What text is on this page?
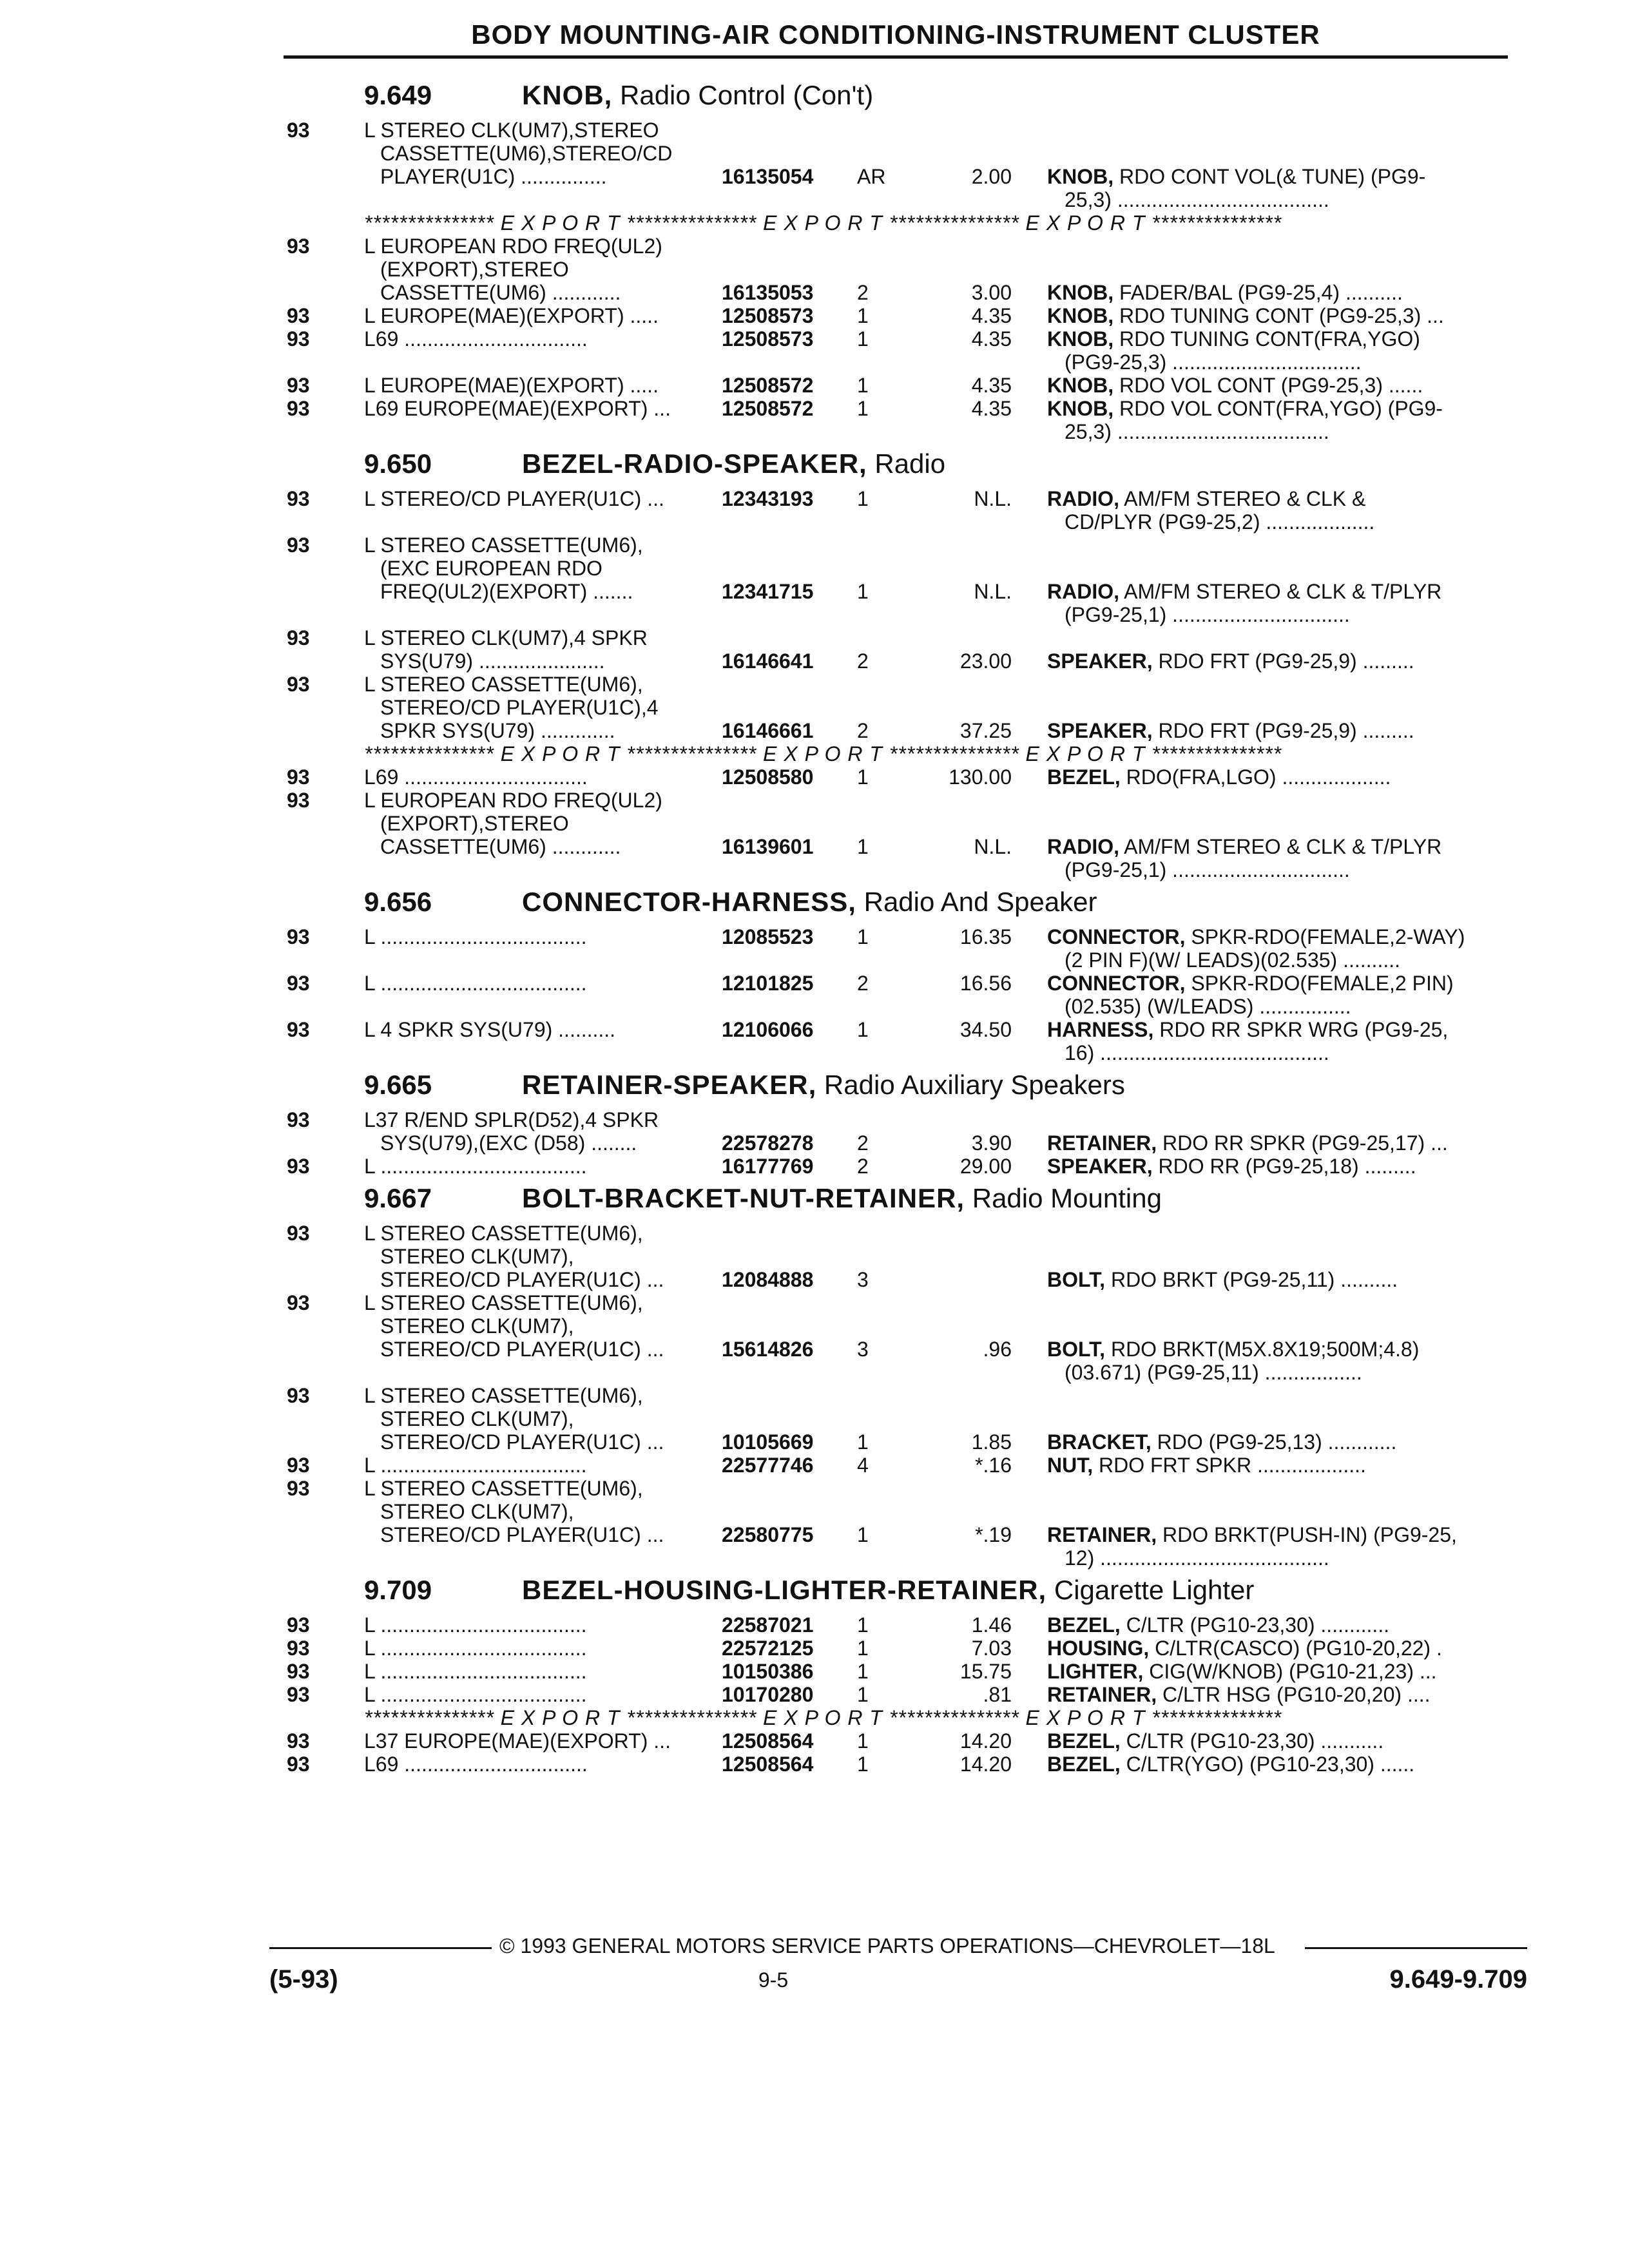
BODY MOUNTING-AIR CONDITIONING-INSTRUMENT CLUSTER
9.649	KNOB, Radio Control (Con't)
93	L STEREO CLK(UM7),STEREO
CASSETTE(UM6),STEREO/CD
PLAYER(U1C) ...............	16135054 AR	2.00 KNOB, RDO CONT VOL(& TUNE) (PG9-
25,3) .....................................
*************** E X P O R T *************** E X P O R T *************** E X P O R T ***************
93	L EUROPEAN RDO FREQ(UL2)
(EXPORT),STEREO
CASSETTE(UM6) ............	16135053 2	3.00 KNOB, FADER/BAL (PG9-25,4) ..........
93	L EUROPE(MAE)(EXPORT) .....	12508573 1	4.35 KNOB, RDO TUNING CONT (PG9-25,3) ...
93	L69 ................................	12508573 1	4.35 KNOB, RDO TUNING CONT(FRA,YGO)
(PG9-25,3) .................................
93	L EUROPE(MAE)(EXPORT) .....	12508572 1	4.35 KNOB, RDO VOL CONT (PG9-25,3) ......
93	L69 EUROPE(MAE)(EXPORT) ...	12508572 1	4.35 KNOB, RDO VOL CONT(FRA,YGO) (PG9-
25,3) .....................................
9.650	BEZEL-RADIO-SPEAKER, Radio
93	L STEREO/CD PLAYER(U1C) ...	12343193 1	N.L. RADIO, AM/FM STEREO & CLK &
CD/PLYR (PG9-25,2) ...................
93	L STEREO CASSETTE(UM6),
(EXC EUROPEAN RDO
FREQ(UL2)(EXPORT) .......	12341715 1	N.L. RADIO, AM/FM STEREO & CLK & T/PLYR
(PG9-25,1) ...............................
93	L STEREO CLK(UM7),4 SPKR
SYS(U79) ......................	16146641 2	23.00 SPEAKER, RDO FRT (PG9-25,9) .........
93	L STEREO CASSETTE(UM6),
STEREO/CD PLAYER(U1C),4
SPKR SYS(U79) .............	16146661 2	37.25 SPEAKER, RDO FRT (PG9-25,9) .........
*************** E X P O R T *************** E X P O R T *************** E X P O R T ***************
93	L69 ................................	12508580 1	130.00 BEZEL, RDO(FRA,LGO) ...................
93	L EUROPEAN RDO FREQ(UL2)
(EXPORT),STEREO
CASSETTE(UM6) ............	16139601 1	N.L. RADIO, AM/FM STEREO & CLK & T/PLYR
(PG9-25,1) ...............................
9.656	CONNECTOR-HARNESS, Radio And Speaker
93	L ....................................	12085523 1	16.35 CONNECTOR, SPKR-RDO(FEMALE,2-WAY)
(2 PIN F)(W/ LEADS)(02.535) ..........
93	L ....................................	12101825 2	16.56 CONNECTOR, SPKR-RDO(FEMALE,2 PIN)
(02.535) (W/LEADS) ................
93	L 4 SPKR SYS(U79) ..........	12106066 1	34.50 HARNESS, RDO RR SPKR WRG (PG9-25,
16) ........................................
9.665	RETAINER-SPEAKER, Radio Auxiliary Speakers
93	L37 R/END SPLR(D52),4 SPKR
SYS(U79),(EXC (D58) ........	22578278 2	3.90 RETAINER, RDO RR SPKR (PG9-25,17) ...
93	L ....................................	16177769 2	29.00 SPEAKER, RDO RR (PG9-25,18) .........
9.667	BOLT-BRACKET-NUT-RETAINER, Radio Mounting
93	L STEREO CASSETTE(UM6),
STEREO CLK(UM7),
STEREO/CD PLAYER(U1C) ...	12084888 3	BOLT, RDO BRKT (PG9-25,11) ..........
93	L STEREO CASSETTE(UM6),
STEREO CLK(UM7),
STEREO/CD PLAYER(U1C) ...	15614826 3	.96 BOLT, RDO BRKT(M5X.8X19;500M;4.8)
(03.671) (PG9-25,11) .................
93	L STEREO CASSETTE(UM6),
STEREO CLK(UM7),
STEREO/CD PLAYER(U1C) ...	10105669 1	1.85 BRACKET, RDO (PG9-25,13) ............
93	L ....................................	22577746 4	*.16 NUT, RDO FRT SPKR ...................
93	L STEREO CASSETTE(UM6),
STEREO CLK(UM7),
STEREO/CD PLAYER(U1C) ...	22580775 1	*.19 RETAINER, RDO BRKT(PUSH-IN) (PG9-25,
12) ........................................
9.709	BEZEL-HOUSING-LIGHTER-RETAINER, Cigarette Lighter
93	L ....................................	22587021 1	1.46 BEZEL, C/LTR (PG10-23,30) ............
93	L ....................................	22572125 1	7.03 HOUSING, C/LTR(CASCO) (PG10-20,22) .
93	L ....................................	10150386 1	15.75 LIGHTER, CIG(W/KNOB) (PG10-21,23) ...
93	L ....................................	10170280 1	.81 RETAINER, C/LTR HSG (PG10-20,20) ....
*************** E X P O R T *************** E X P O R T *************** E X P O R T ***************
93	L37 EUROPE(MAE)(EXPORT) ...	12508564 1	14.20 BEZEL, C/LTR (PG10-23,30) ...........
93	L69 ................................	12508564 1	14.20 BEZEL, C/LTR(YGO) (PG10-23,30) ......
© 1993 GENERAL MOTORS SERVICE PARTS OPERATIONS—CHEVROLET—18L
(5-93)	9-5	9.649-9.709
